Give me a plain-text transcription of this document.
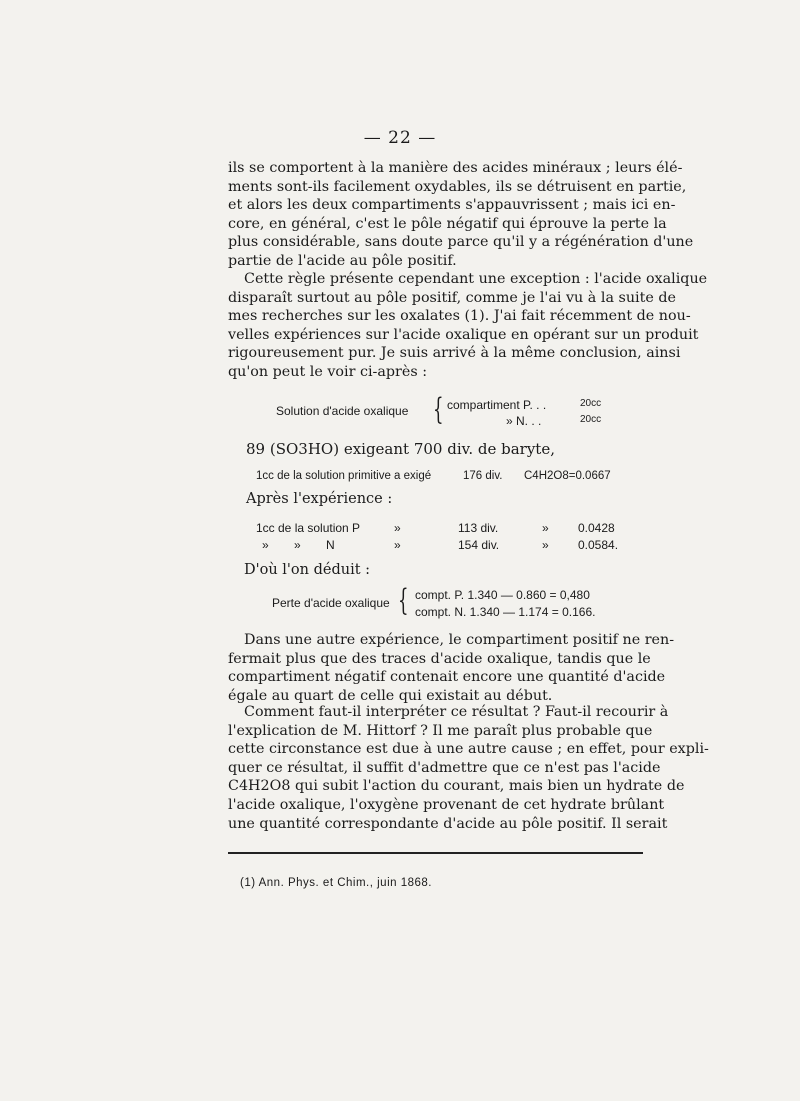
— 22 —
ils se comportent à la manière des acides minéraux ; leurs élé-
ments sont-ils facilement oxydables, ils se détruisent en partie,
et alors les deux compartiments s'appauvrissent ; mais ici en-
core, en général, c'est le pôle négatif qui éprouve la perte la
plus considérable, sans doute parce qu'il y a régénération d'une
partie de l'acide au pôle positif.
Cette règle présente cependant une exception : l'acide oxalique
disparaît surtout au pôle positif, comme je l'ai vu à la suite de
mes recherches sur les oxalates (1). J'ai fait récemment de nou-
velles expériences sur l'acide oxalique en opérant sur un produit
rigoureusement pur. Je suis arrivé à la même conclusion, ainsi
qu'on peut le voir ci-après :
Solution d'acide oxalique { compartiment P. . .	20cc
» N. . .	20cc
89 (SO3HO) exigeant 700 div. de baryte,
1cc de la solution primitive a exigé	176 div. C4H2O8=0.0667
Après l'expérience :
1cc de la solution P	»	113 div.	» 0.0428
» » N	»	154 div.	» 0.0584.
D'où l'on déduit :
Perte d'acide oxalique { compt. P. 1.340 — 0.860 = 0,480
compt. N. 1.340 — 1.174 = 0.166.
Dans une autre expérience, le compartiment positif ne ren-
fermait plus que des traces d'acide oxalique, tandis que le
compartiment négatif contenait encore une quantité d'acide
égale au quart de celle qui existait au début.
Comment faut-il interpréter ce résultat ? Faut-il recourir à
l'explication de M. Hittorf ? Il me paraît plus probable que
cette circonstance est due à une autre cause ; en effet, pour expli-
quer ce résultat, il suffit d'admettre que ce n'est pas l'acide
C4H2O8 qui subit l'action du courant, mais bien un hydrate de
l'acide oxalique, l'oxygène provenant de cet hydrate brûlant
une quantité correspondante d'acide au pôle positif. Il serait
(1) Ann. Phys. et Chim., juin 1868.
